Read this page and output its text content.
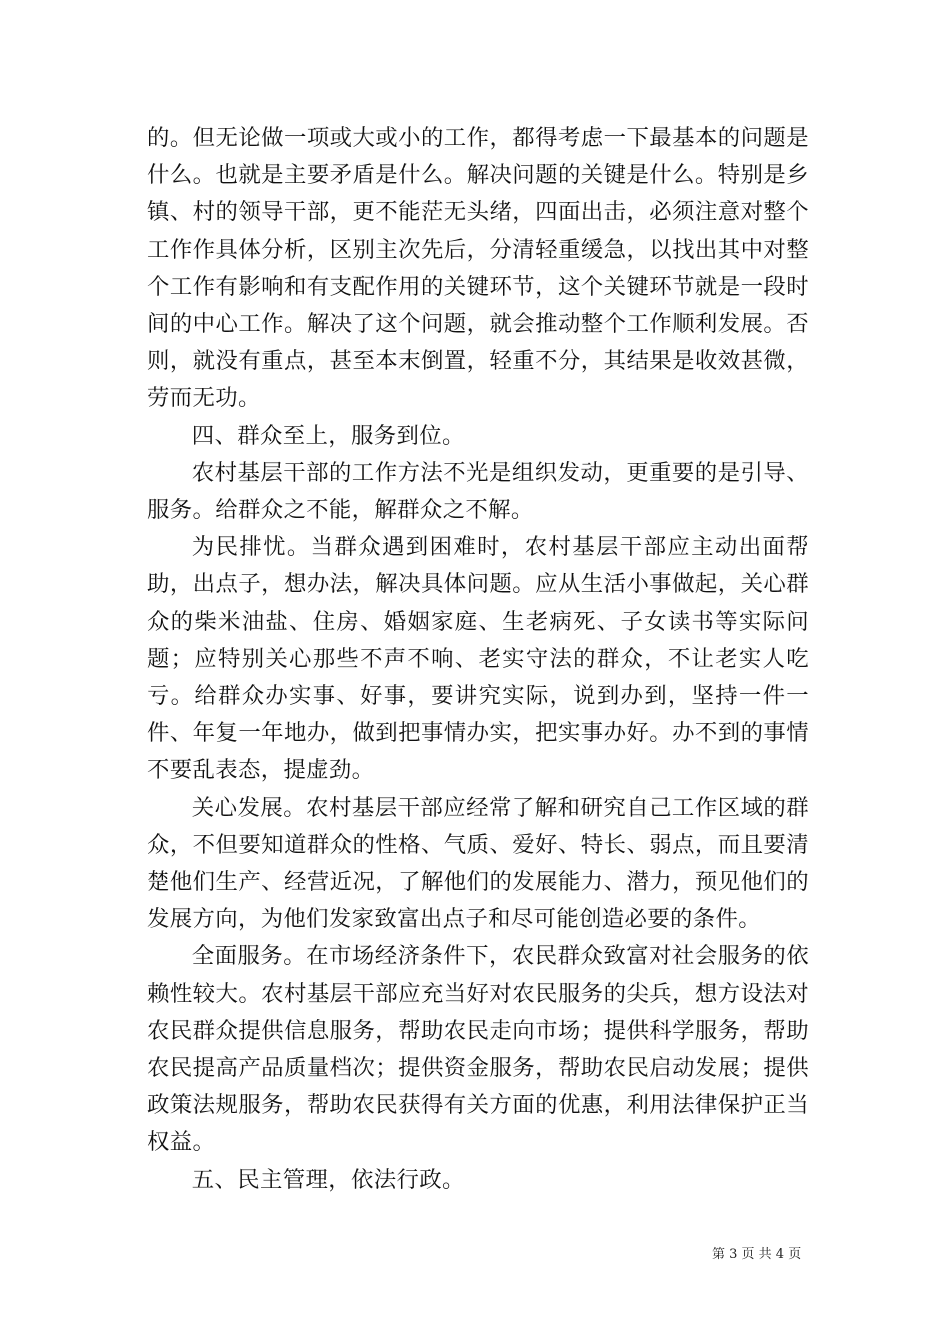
的。但无论做一项或大或小的工作，都得考虑一下最基本的问题是什么。也就是主要矛盾是什么。解决问题的关键是什么。特别是乡镇、村的领导干部，更不能茫无头绪，四面出击，必须注意对整个工作作具体分析，区别主次先后，分清轻重缓急，以找出其中对整个工作有影响和有支配作用的关键环节，这个关键环节就是一段时间的中心工作。解决了这个问题，就会推动整个工作顺利发展。否则，就没有重点，甚至本末倒置，轻重不分，其结果是收效甚微，劳而无功。

四、群众至上，服务到位。

农村基层干部的工作方法不光是组织发动，更重要的是引导、服务。给群众之不能，解群众之不解。

为民排忧。当群众遇到困难时，农村基层干部应主动出面帮助，出点子，想办法，解决具体问题。应从生活小事做起，关心群众的柴米油盐、住房、婚姻家庭、生老病死、子女读书等实际问题；应特别关心那些不声不响、老实守法的群众，不让老实人吃亏。给群众办实事、好事，要讲究实际，说到办到，坚持一件一件、年复一年地办，做到把事情办实，把实事办好。办不到的事情不要乱表态，提虚劲。

关心发展。农村基层干部应经常了解和研究自己工作区域的群众，不但要知道群众的性格、气质、爱好、特长、弱点，而且要清楚他们生产、经营近况，了解他们的发展能力、潜力，预见他们的发展方向，为他们发家致富出点子和尽可能创造必要的条件。

全面服务。在市场经济条件下，农民群众致富对社会服务的依赖性较大。农村基层干部应充当好对农民服务的尖兵，想方设法对农民群众提供信息服务，帮助农民走向市场；提供科学服务，帮助农民提高产品质量档次；提供资金服务，帮助农民启动发展；提供政策法规服务，帮助农民获得有关方面的优惠，利用法律保护正当权益。

五、民主管理，依法行政。

第 3 页 共 4 页
